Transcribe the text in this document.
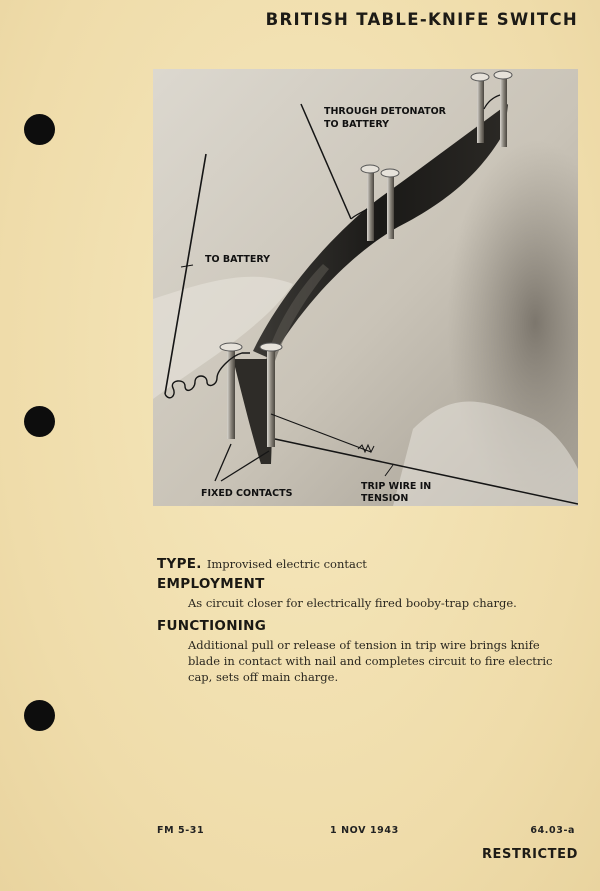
BRITISH TABLE-KNIFE SWITCH
THROUGH DETONATOR
TO BATTERY
TO BATTERY
FIXED CONTACTS
TRIP WIRE IN
TENSION

TYPE. Improvised electric contact

EMPLOYMENT

As circuit closer for electrically fired booby-trap charge.

FUNCTIONING

Additional pull or release of tension in trip wire brings knife blade in contact with nail and completes circuit to fire electric cap, sets off main charge.

FM 5-31	1 NOV 1943	64.03-a
RESTRICTED
